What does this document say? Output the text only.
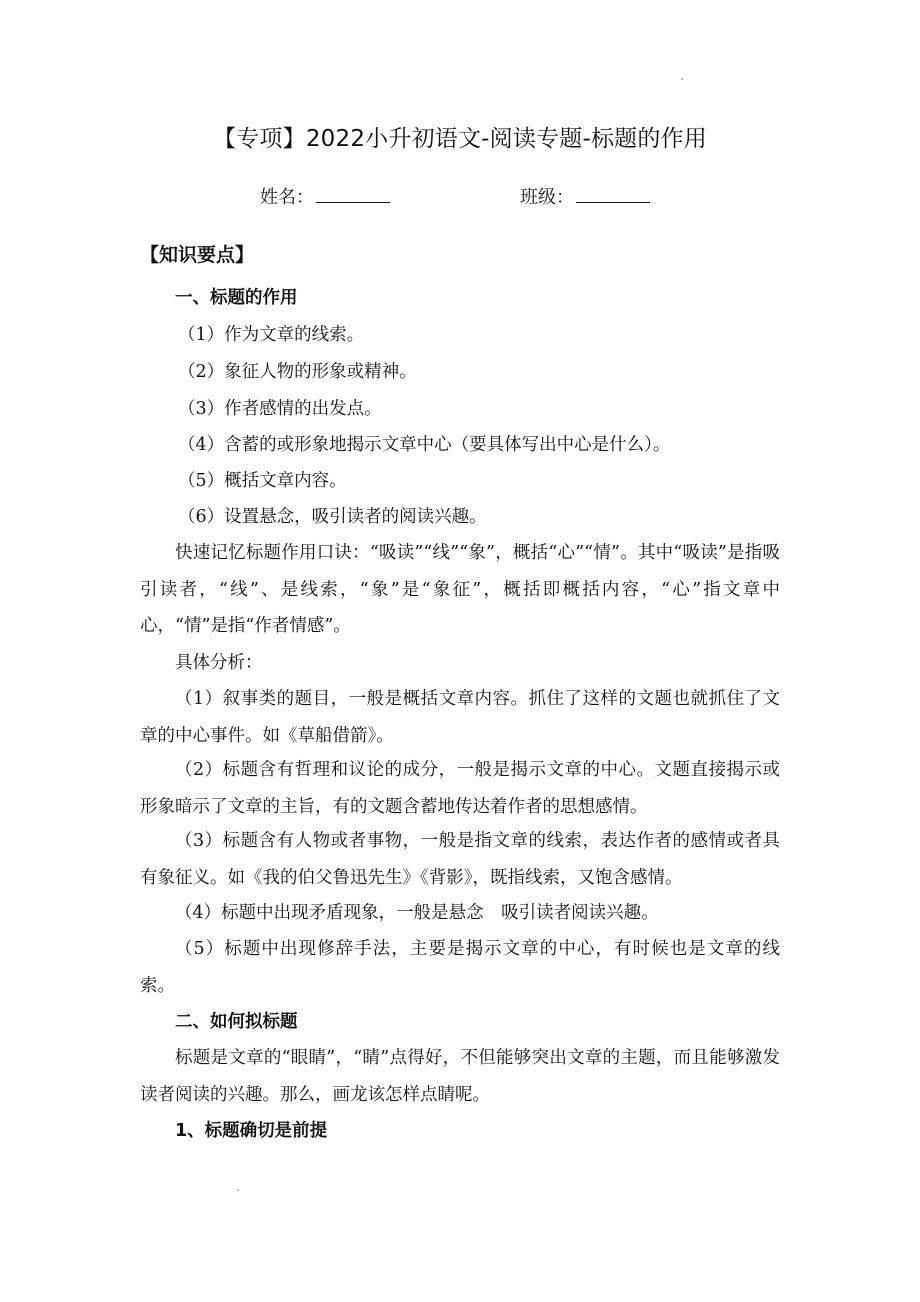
【专项】2022小升初语文-阅读专题-标题的作用
姓名：	班级：
【知识要点】
一、标题的作用
（1）作为文章的线索。
（2）象征人物的形象或精神。
（3）作者感情的出发点。
（4）含蓄的或形象地揭示文章中心（要具体写出中心是什么）。
（5）概括文章内容。
（6）设置悬念，吸引读者的阅读兴趣。
快速记忆标题作用口诀：“吸读”“线”“象”，概括“心”“情”。其中“吸读”是指吸引读者，“线”、是线索，“象”是“象征”，概括即概括内容，“心”指文章中心，“情”是指“作者情感”。
具体分析：
（1）叙事类的题目，一般是概括文章内容。抓住了这样的文题也就抓住了文章的中心事件。如《草船借箭》。
（2）标题含有哲理和议论的成分，一般是揭示文章的中心。文题直接揭示或形象暗示了文章的主旨，有的文题含蓄地传达着作者的思想感情。
（3）标题含有人物或者事物，一般是指文章的线索，表达作者的感情或者具有象征义。如《我的伯父鲁迅先生》《背影》，既指线索，又饱含感情。
（4）标题中出现矛盾现象，一般是悬念　吸引读者阅读兴趣。
（5）标题中出现修辞手法，主要是揭示文章的中心，有时候也是文章的线索。
二、如何拟标题
标题是文章的“眼睛”，“睛”点得好，不但能够突出文章的主题，而且能够激发读者阅读的兴趣。那么，画龙该怎样点睛呢。
1、标题确切是前提
